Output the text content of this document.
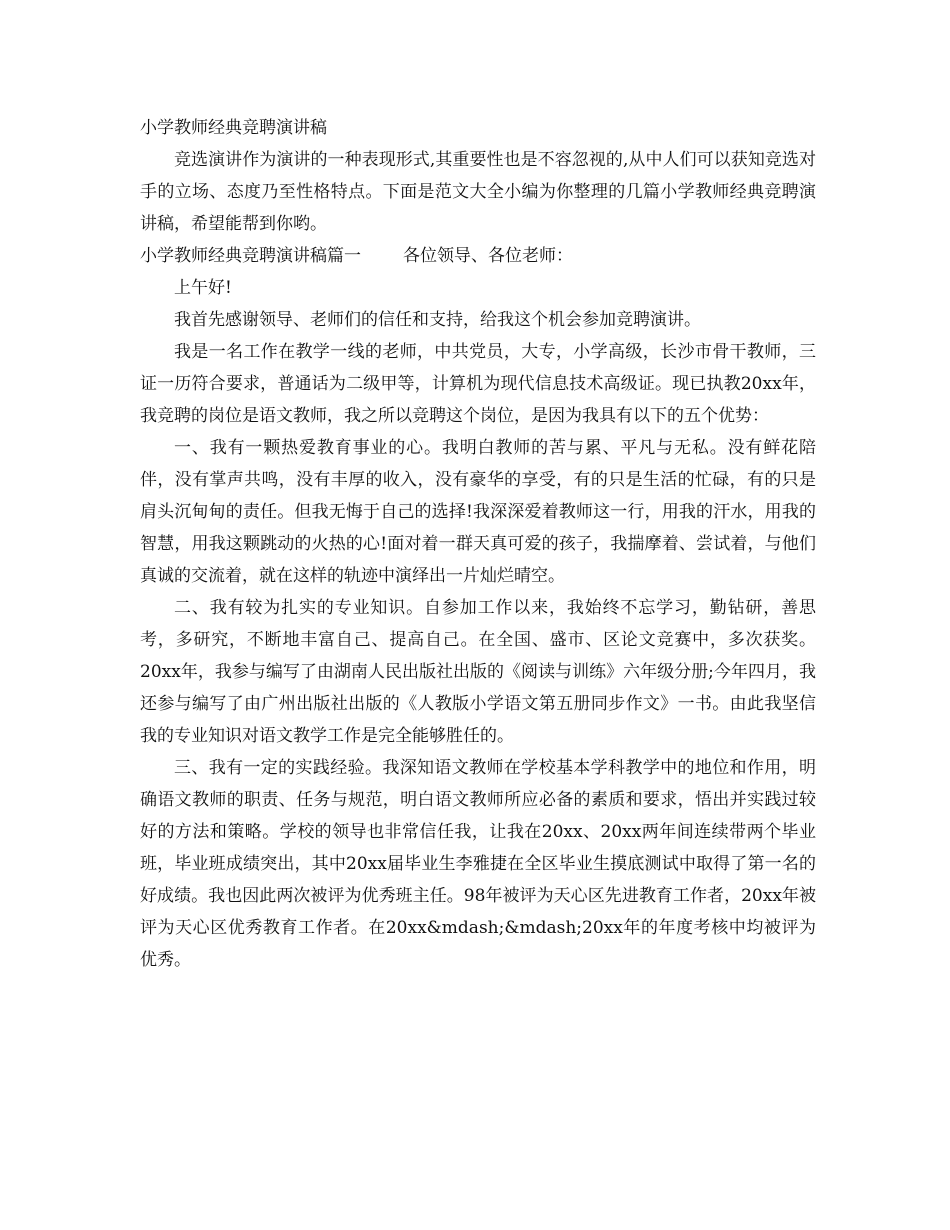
小学教师经典竞聘演讲稿

竞选演讲作为演讲的一种表现形式,其重要性也是不容忽视的,从中人们可以获知竞选对手的立场、态度乃至性格特点。下面是范文大全小编为你整理的几篇小学教师经典竞聘演讲稿，希望能帮到你哟。

小学教师经典竞聘演讲稿篇一 各位领导、各位老师：

上午好!

我首先感谢领导、老师们的信任和支持，给我这个机会参加竞聘演讲。

我是一名工作在教学一线的老师，中共党员，大专，小学高级，长沙市骨干教师，三证一历符合要求，普通话为二级甲等，计算机为现代信息技术高级证。现已执教20xx年，我竞聘的岗位是语文教师，我之所以竞聘这个岗位，是因为我具有以下的五个优势：

一、我有一颗热爱教育事业的心。我明白教师的苦与累、平凡与无私。没有鲜花陪伴，没有掌声共鸣，没有丰厚的收入，没有豪华的享受，有的只是生活的忙碌，有的只是肩头沉甸甸的责任。但我无悔于自己的选择!我深深爱着教师这一行，用我的汗水，用我的智慧，用我这颗跳动的火热的心!面对着一群天真可爱的孩子，我揣摩着、尝试着，与他们真诚的交流着，就在这样的轨迹中演绎出一片灿烂晴空。

二、我有较为扎实的专业知识。自参加工作以来，我始终不忘学习，勤钻研，善思考，多研究，不断地丰富自己、提高自己。在全国、盛市、区论文竞赛中，多次获奖。20xx年，我参与编写了由湖南人民出版社出版的《阅读与训练》六年级分册;今年四月，我还参与编写了由广州出版社出版的《人教版小学语文第五册同步作文》一书。由此我坚信我的专业知识对语文教学工作是完全能够胜任的。

三、我有一定的实践经验。我深知语文教师在学校基本学科教学中的地位和作用，明确语文教师的职责、任务与规范，明白语文教师所应必备的素质和要求，悟出并实践过较好的方法和策略。学校的领导也非常信任我，让我在20xx、20xx两年间连续带两个毕业班，毕业班成绩突出，其中20xx届毕业生李雅捷在全区毕业生摸底测试中取得了第一名的好成绩。我也因此两次被评为优秀班主任。98年被评为天心区先进教育工作者，20xx年被评为天心区优秀教育工作者。在20xx&mdash;&mdash;20xx年的年度考核中均被评为优秀。
